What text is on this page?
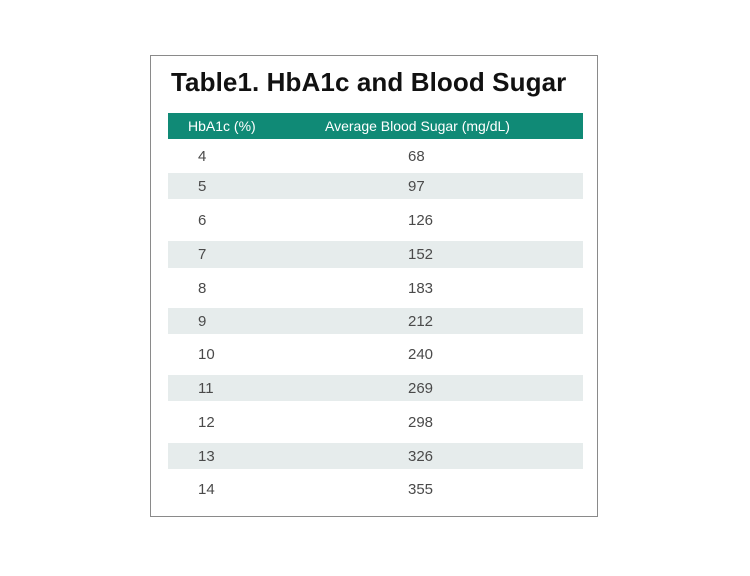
Table1. HbA1c and Blood Sugar
HbA1c (%)	Average Blood Sugar (mg/dL)
4	68
5	97
6	126
7	152
8	183
9	212
10	240
11	269
12	298
13	326
14	355
